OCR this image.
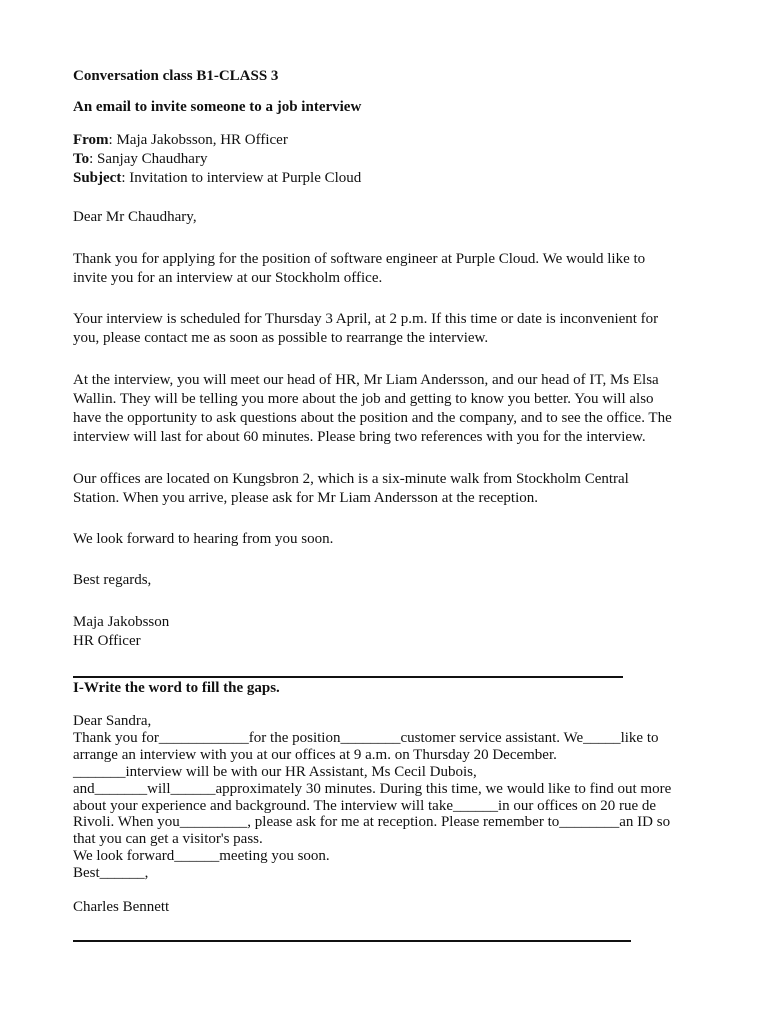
Conversation class B1-CLASS 3
An email to invite someone to a job interview
From: Maja Jakobsson, HR Officer
To: Sanjay Chaudhary
Subject: Invitation to interview at Purple Cloud
Dear Mr Chaudhary,
Thank you for applying for the position of software engineer at Purple Cloud. We would like to
invite you for an interview at our Stockholm office.
Your interview is scheduled for Thursday 3 April, at 2 p.m. If this time or date is inconvenient for
you, please contact me as soon as possible to rearrange the interview.
At the interview, you will meet our head of HR, Mr Liam Andersson, and our head of IT, Ms Elsa
Wallin. They will be telling you more about the job and getting to know you better. You will also
have the opportunity to ask questions about the position and the company, and to see the office. The
interview will last for about 60 minutes. Please bring two references with you for the interview.
Our offices are located on Kungsbron 2, which is a six-minute walk from Stockholm Central
Station. When you arrive, please ask for Mr Liam Andersson at the reception.
We look forward to hearing from you soon.
Best regards,
Maja Jakobsson
HR Officer
I-Write the word to fill the gaps.
Dear Sandra,
Thank you for____________for the position________customer service assistant. We_____like to
arrange an interview with you at our offices at 9 a.m. on Thursday 20 December.
_______interview will be with our HR Assistant, Ms Cecil Dubois,
and_______will______approximately 30 minutes. During this time, we would like to find out more
about your experience and background. The interview will take______in our offices on 20 rue de
Rivoli. When you_________, please ask for me at reception. Please remember to________an ID so
that you can get a visitor's pass.
We look forward______meeting you soon.
Best______,
Charles Bennett
